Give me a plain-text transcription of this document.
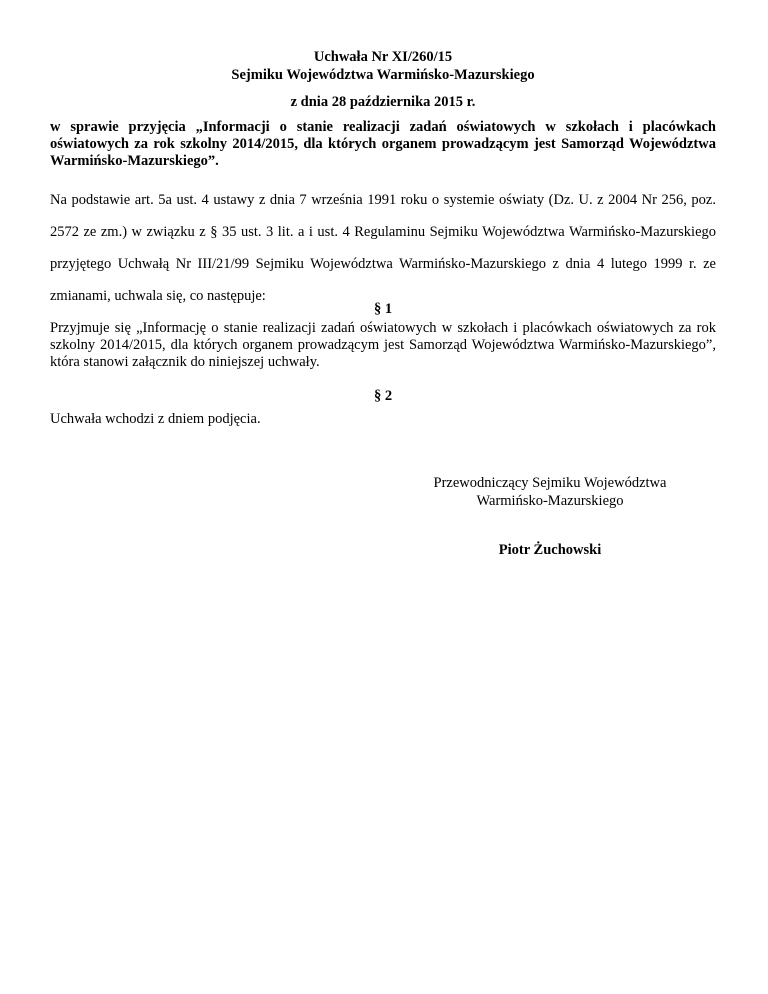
Uchwała Nr XI/260/15
Sejmiku Województwa Warmińsko-Mazurskiego
z dnia 28 października 2015 r.
w sprawie przyjęcia „Informacji o stanie realizacji zadań oświatowych w szkołach i placówkach oświatowych za rok szkolny 2014/2015, dla których organem prowadzącym jest Samorząd Województwa Warmińsko-Mazurskiego”.
Na podstawie art. 5a ust. 4 ustawy z dnia 7 września 1991 roku o systemie oświaty (Dz. U. z 2004 Nr 256, poz. 2572 ze zm.) w związku z § 35 ust. 3 lit. a i ust. 4 Regulaminu Sejmiku Województwa Warmińsko-Mazurskiego przyjętego Uchwałą Nr III/21/99 Sejmiku Województwa Warmińsko-Mazurskiego z dnia 4 lutego 1999 r. ze zmianami, uchwala się, co następuje:
§ 1
Przyjmuje się „Informację o stanie realizacji zadań oświatowych w szkołach i placówkach oświatowych za rok szkolny 2014/2015, dla których organem prowadzącym jest Samorząd Województwa Warmińsko-Mazurskiego”, która stanowi załącznik do niniejszej uchwały.
§ 2
Uchwała wchodzi z dniem podjęcia.
Przewodniczący Sejmiku Województwa
Warmińsko-Mazurskiego
Piotr Żuchowski
